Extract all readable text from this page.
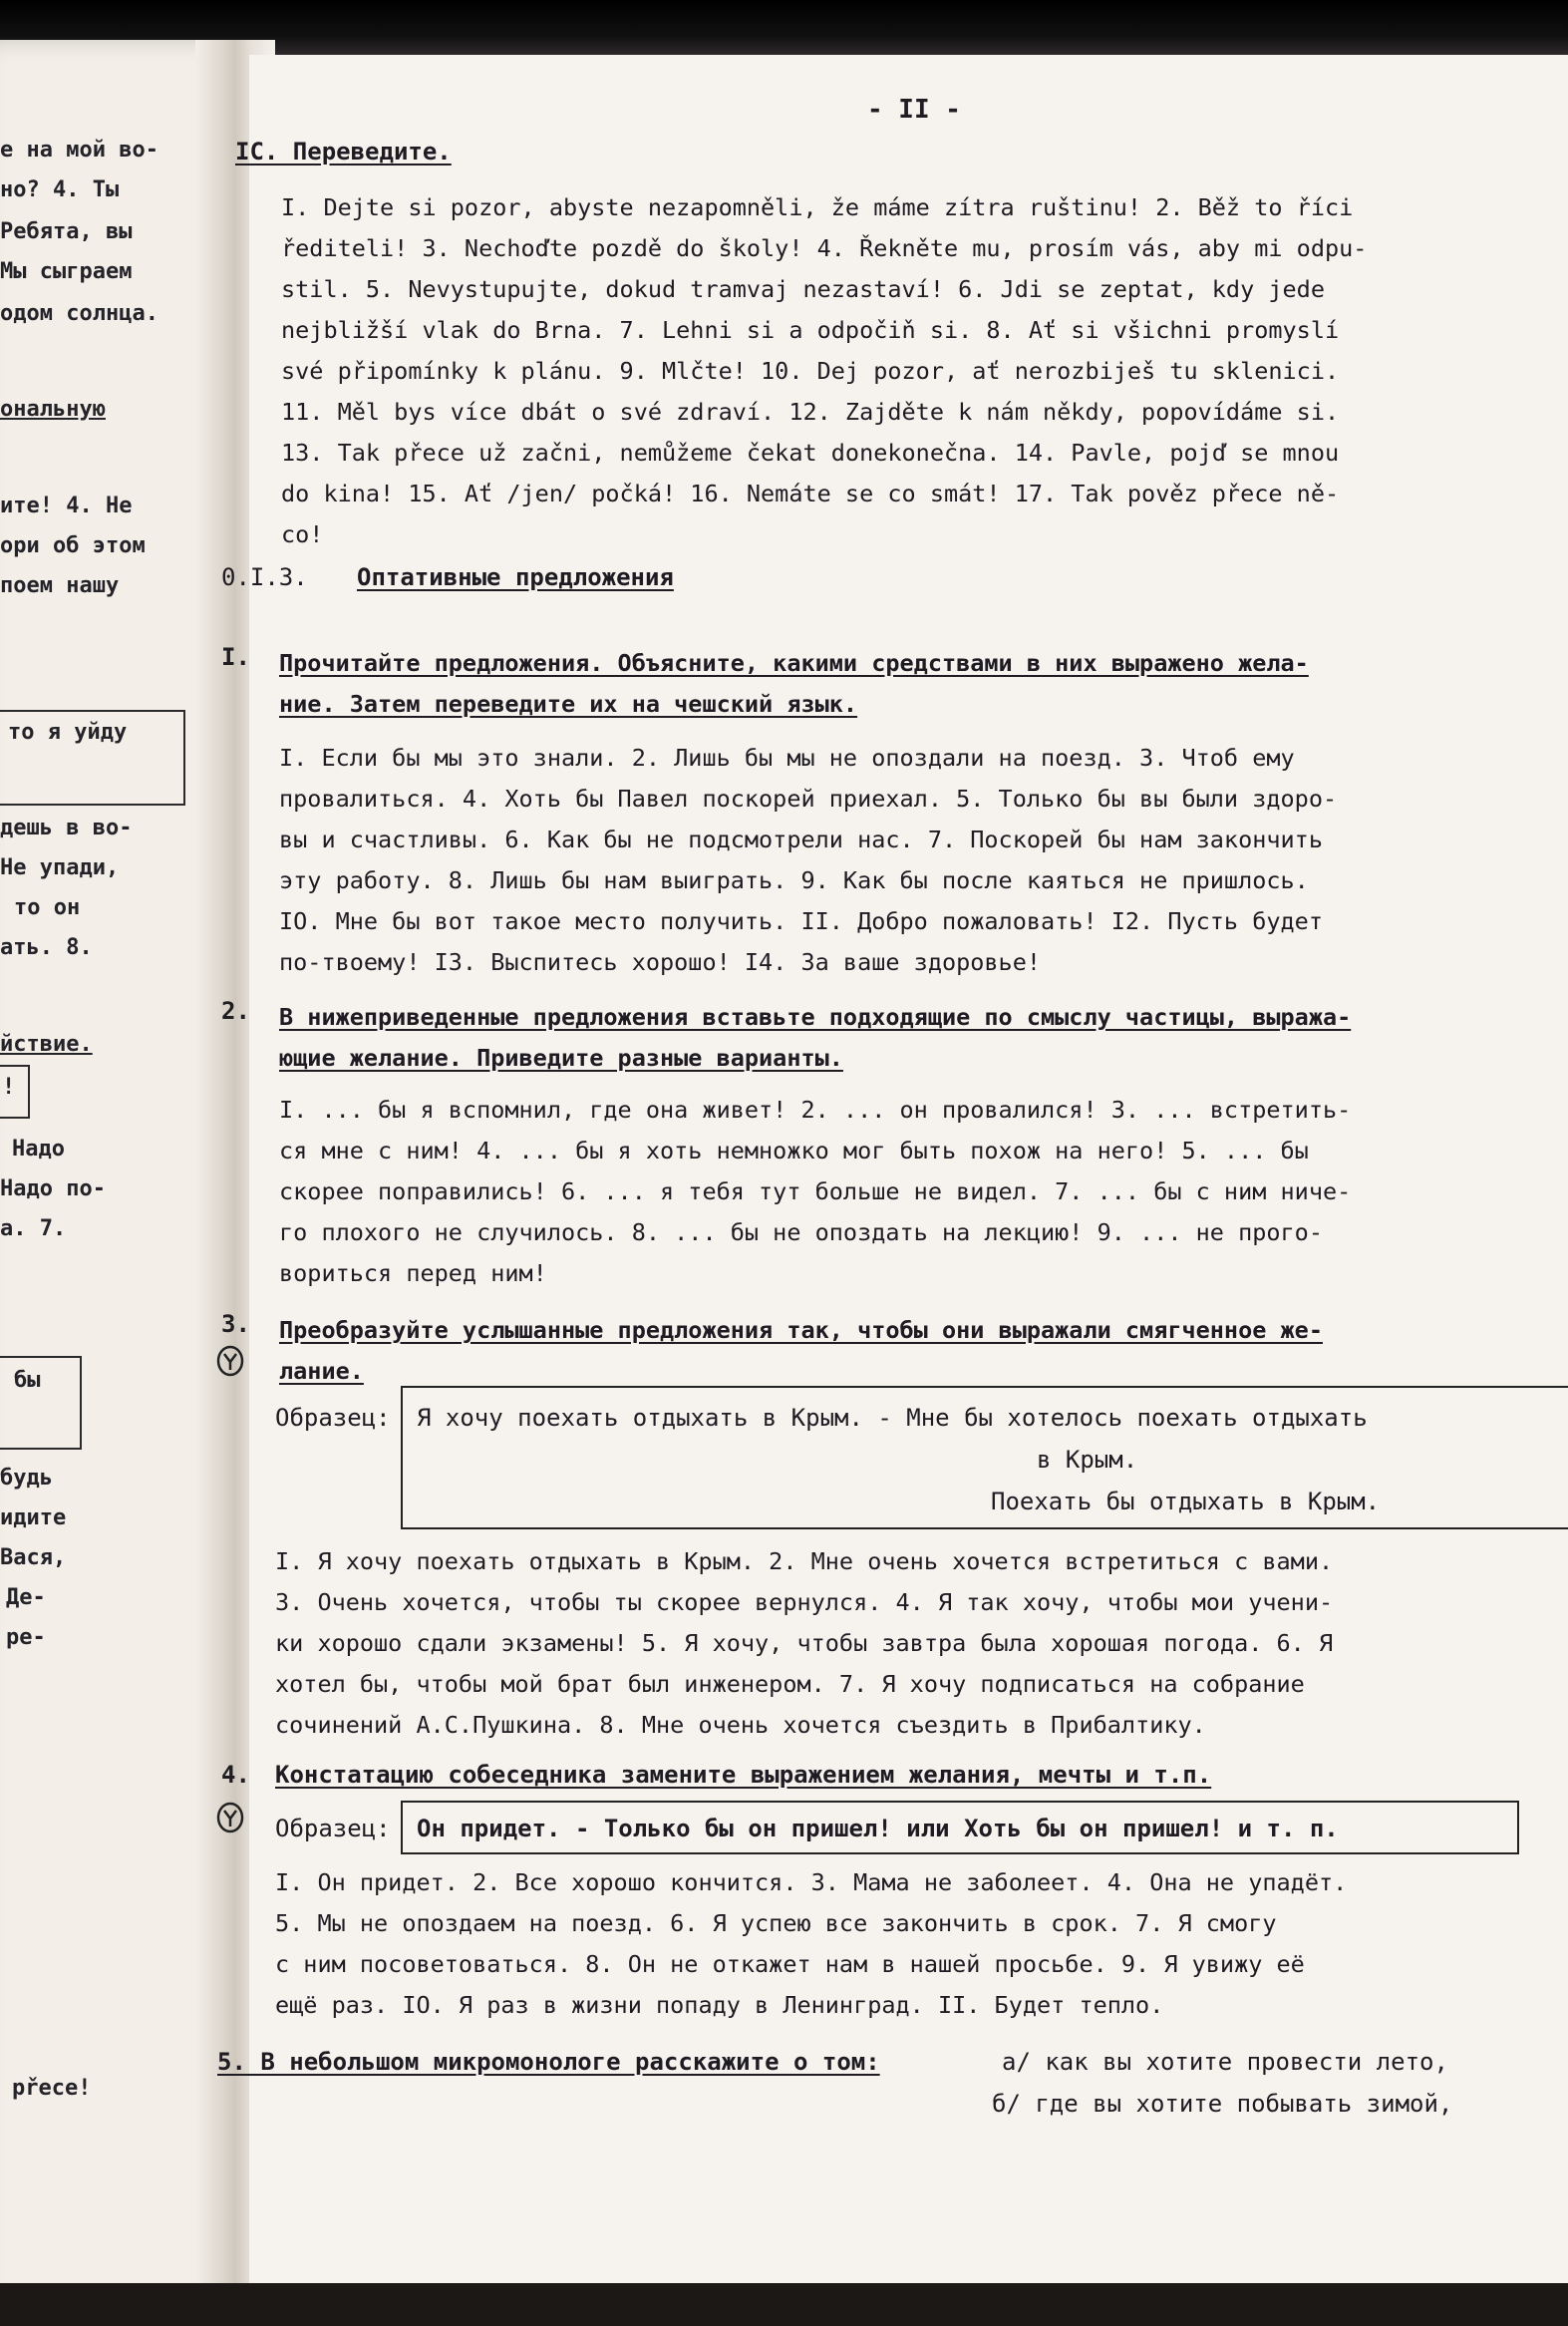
е на мой во-
но? 4. Ты
Ребята, вы
Мы сыграем
одом солнца.
ональную
ите! 4. Не
ори об этом
поем нашу
то я уйду
дешь в во-
Не упади,
то он
ать. 8.
йствие.
!
Надо
Надо по-
а. 7.
бы
будь
идите
Вася,
Де-
ре-
přece!
- II -
IС. Переведите.
I. Dejte si pozor, abyste nezapomněli, že máme zítra ruštinu! 2. Běž to říci
řediteli! 3. Nechoďte pozdě do školy! 4. Řekněte mu, prosím vás, aby mi odpu-
stil. 5. Nevystupujte, dokud tramvaj nezastaví! 6. Jdi se zeptat, kdy jede
nejbližší vlak do Brna. 7. Lehni si a odpočiň si. 8. Ať si všichni promyslí
své připomínky k plánu. 9. Mlčte! 10. Dej pozor, ať nerozbiješ tu sklenici.
11. Měl bys více dbát o své zdraví. 12. Zajděte k nám někdy, popovídáme si.
13. Tak přece už začni, nemůžeme čekat donekonečna. 14. Pavle, pojď se mnou
do kina! 15. Ať /jen/ počká! 16. Nemáte se co smát! 17. Tak pověz přece ně-
co!
0.I.3. Оптативные предложения
I. Прочитайте предложения. Объясните, какими средствами в них выражено жела-
ние. Затем переведите их на чешский язык.
I. Если бы мы это знали. 2. Лишь бы мы не опоздали на поезд. 3. Чтоб ему
провалиться. 4. Хоть бы Павел поскорей приехал. 5. Только бы вы были здоро-
вы и счастливы. 6. Как бы не подсмотрели нас. 7. Поскорей бы нам закончить
эту работу. 8. Лишь бы нам выиграть. 9. Как бы после каяться не пришлось.
IO. Мне бы вот такое место получить. II. Добро пожаловать! I2. Пусть будет
по-твоему! I3. Выспитесь хорошо! I4. За ваше здоровье!
2. В нижеприведенные предложения вставьте подходящие по смыслу частицы, выража-
ющие желание. Приведите разные варианты.
I. ... бы я вспомнил, где она живет! 2. ... он провалился! 3. ... встретить-
ся мне с ним! 4. ... бы я хоть немножко мог быть похож на него! 5. ... бы
скорее поправились! 6. ... я тебя тут больше не видел. 7. ... бы с ним ниче-
го плохого не случилось. 8. ... бы не опоздать на лекцию! 9. ... не прого-
вориться перед ним!
3. Преобразуйте услышанные предложения так, чтобы они выражали смягченное же-
лание.
Образец: Я хочу поехать отдыхать в Крым. - Мне бы хотелось поехать отдыхать
в Крым.
Поехать бы отдыхать в Крым.
I. Я хочу поехать отдыхать в Крым. 2. Мне очень хочется встретиться с вами.
3. Очень хочется, чтобы ты скорее вернулся. 4. Я так хочу, чтобы мои учени-
ки хорошо сдали экзамены! 5. Я хочу, чтобы завтра была хорошая погода. 6. Я
хотел бы, чтобы мой брат был инженером. 7. Я хочу подписаться на собрание
сочинений А.С.Пушкина. 8. Мне очень хочется съездить в Прибалтику.
4. Констатацию собеседника замените выражением желания, мечты и т.п.
Образец: Он придет. - Только бы он пришел! или Хоть бы он пришел! и т. п.
I. Он придет. 2. Все хорошо кончится. 3. Мама не заболеет. 4. Она не упадёт.
5. Мы не опоздаем на поезд. 6. Я успею все закончить в срок. 7. Я смогу
с ним посоветоваться. 8. Он не откажет нам в нашей просьбе. 9. Я увижу её
ещё раз. IO. Я раз в жизни попаду в Ленинград. II. Будет тепло.
5. В небольшом микромонологе расскажите о том:	а/ как вы хотите провести лето,
б/ где вы хотите побывать зимой,
